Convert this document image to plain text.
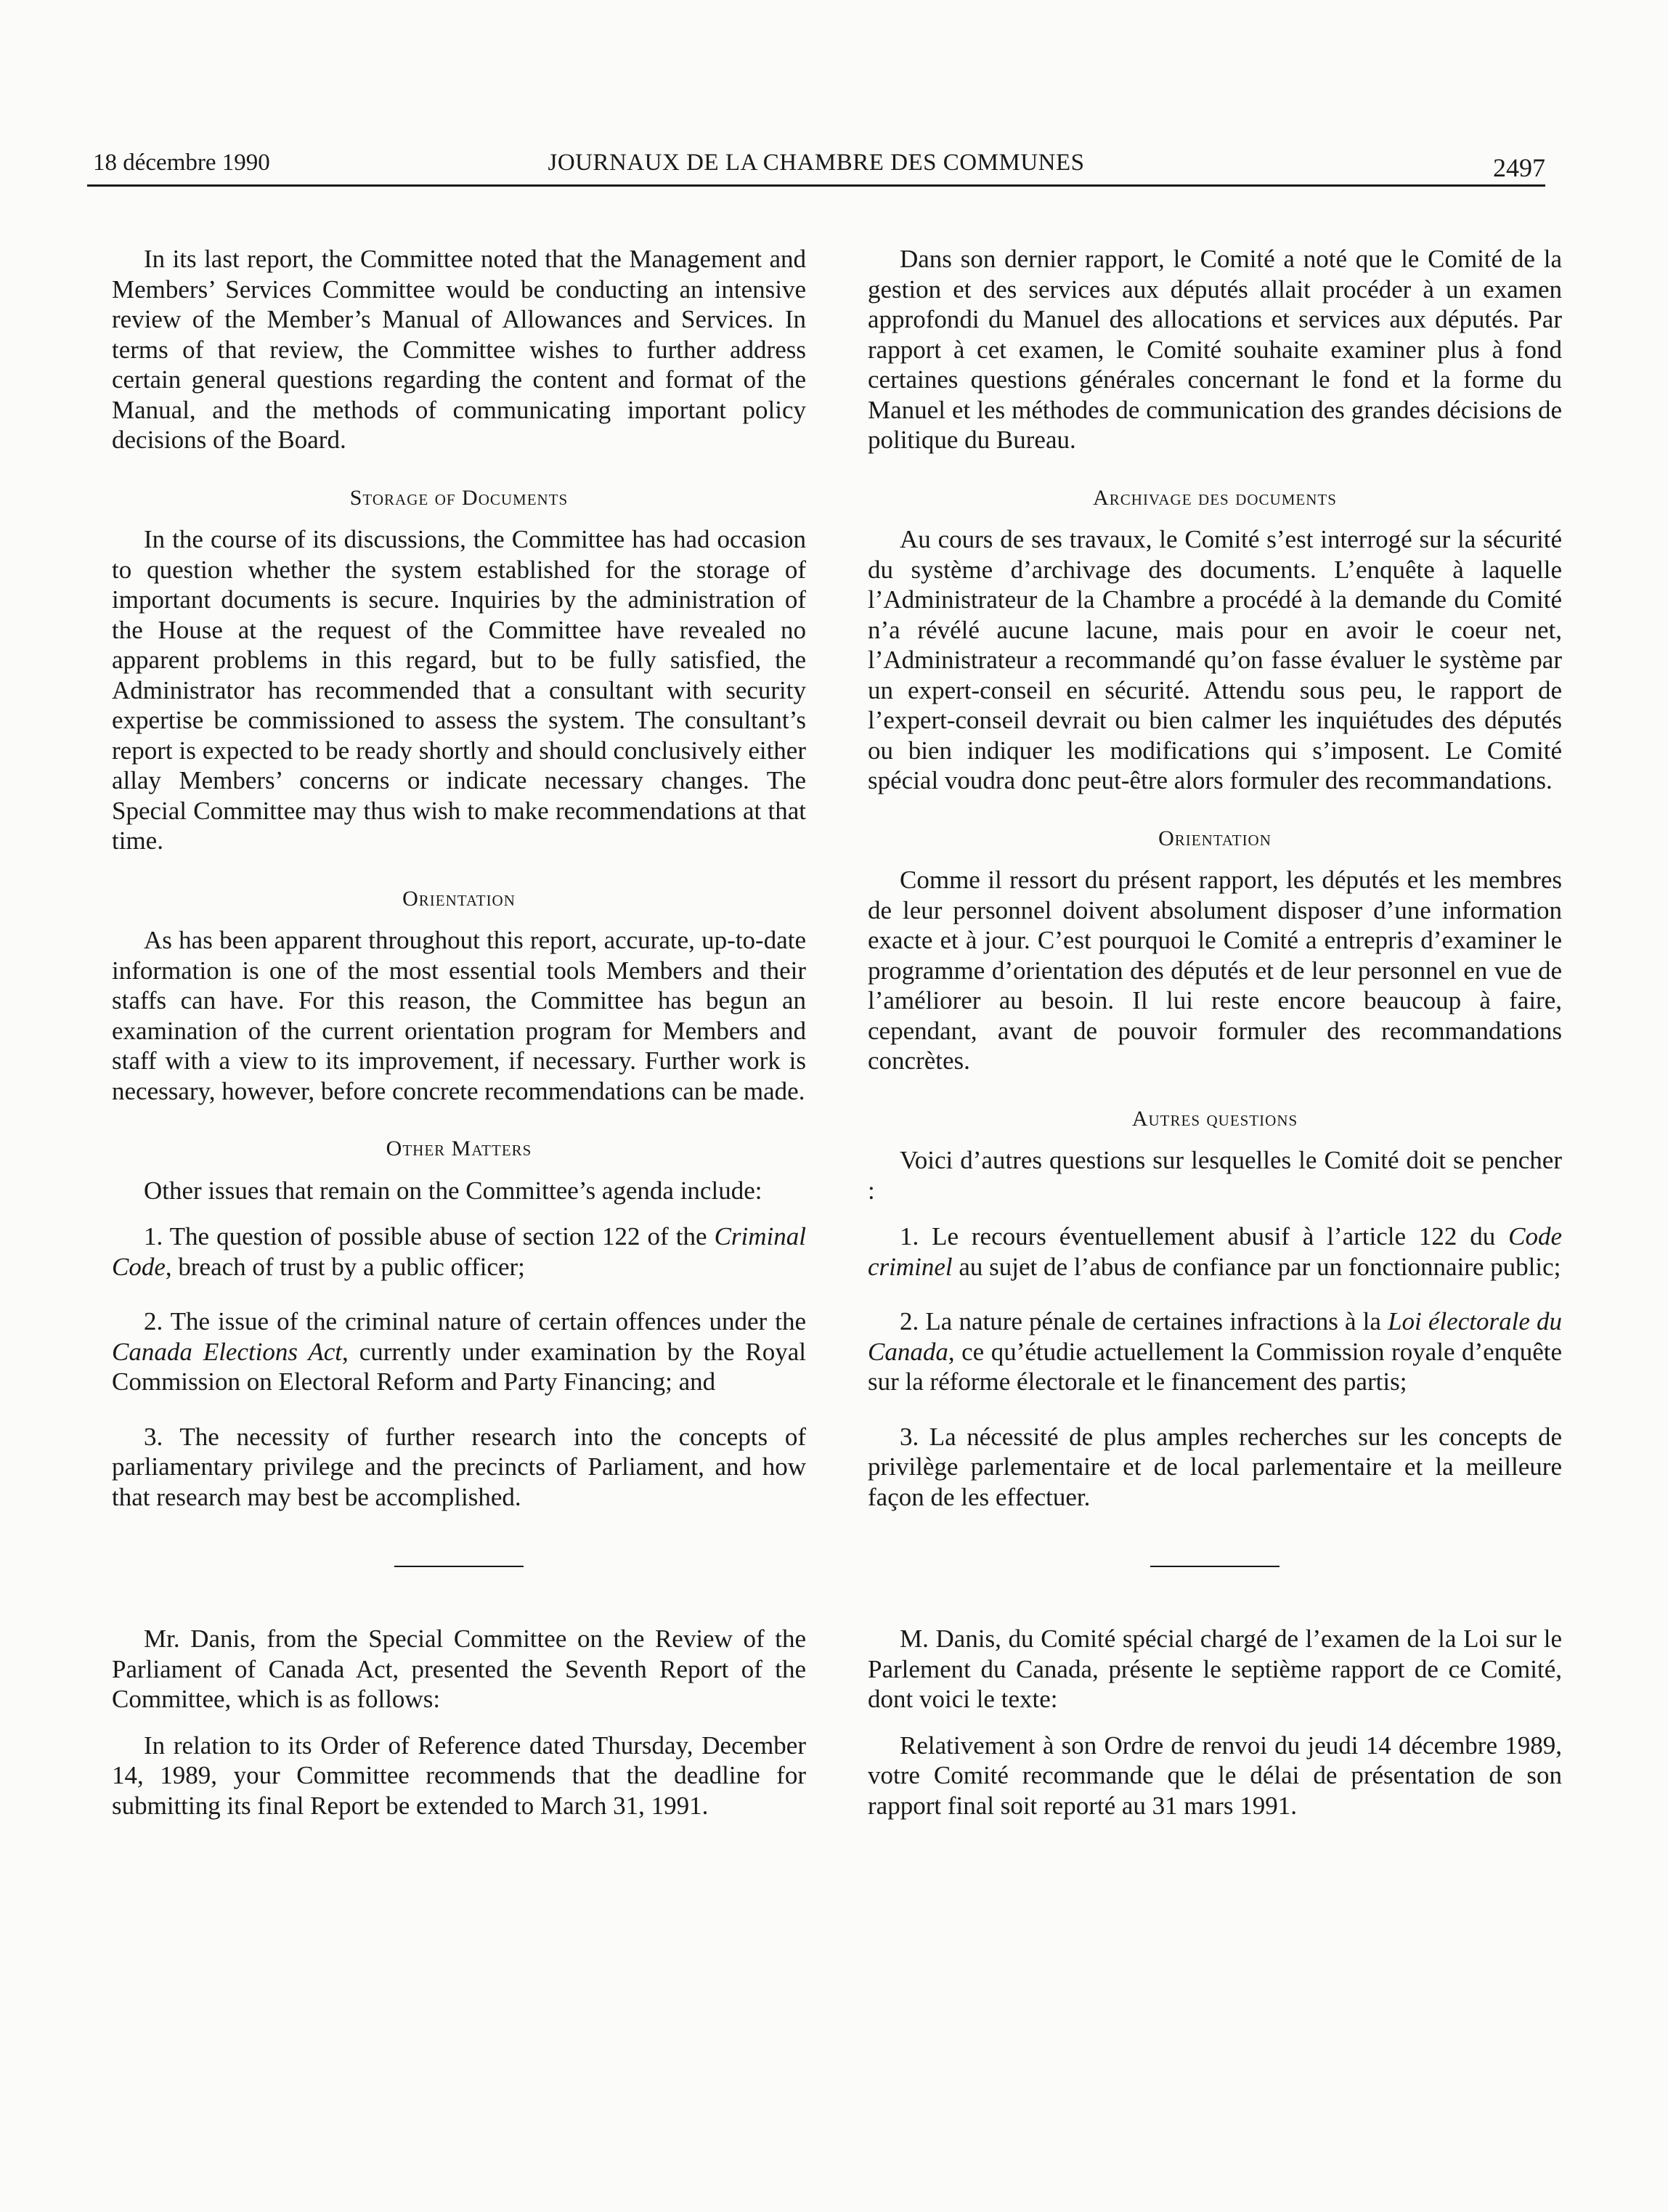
18 décembre 1990	JOURNAUX DE LA CHAMBRE DES COMMUNES	2497

In its last report, the Committee noted that the Management and Members’ Services Committee would be conducting an intensive review of the Member’s Manual of Allowances and Services. In terms of that review, the Committee wishes to further address certain general questions regarding the content and format of the Manual, and the methods of communicating important policy decisions of the Board.

Storage of Documents

In the course of its discussions, the Committee has had occasion to question whether the system established for the storage of important documents is secure. Inquiries by the administration of the House at the request of the Committee have revealed no apparent problems in this regard, but to be fully satisfied, the Administrator has recommended that a consultant with security expertise be commissioned to assess the system. The consultant’s report is expected to be ready shortly and should conclusively either allay Members’ concerns or indicate necessary changes. The Special Committee may thus wish to make recommendations at that time.

Orientation

As has been apparent throughout this report, accurate, up-to-date information is one of the most essential tools Members and their staffs can have. For this reason, the Committee has begun an examination of the current orientation program for Members and staff with a view to its improvement, if necessary. Further work is necessary, however, before concrete recommendations can be made.

Other Matters

Other issues that remain on the Committee’s agenda include:

1. The question of possible abuse of section 122 of the Criminal Code, breach of trust by a public officer;

2. The issue of the criminal nature of certain offences under the Canada Elections Act, currently under examination by the Royal Commission on Electoral Reform and Party Financing; and

3. The necessity of further research into the concepts of parliamentary privilege and the precincts of Parliament, and how that research may best be accomplished.

Mr. Danis, from the Special Committee on the Review of the Parliament of Canada Act, presented the Seventh Report of the Committee, which is as follows:

In relation to its Order of Reference dated Thursday, December 14, 1989, your Committee recommends that the deadline for submitting its final Report be extended to March 31, 1991.

Dans son dernier rapport, le Comité a noté que le Comité de la gestion et des services aux députés allait procéder à un examen approfondi du Manuel des allocations et services aux députés. Par rapport à cet examen, le Comité souhaite examiner plus à fond certaines questions générales concernant le fond et la forme du Manuel et les méthodes de communication des grandes décisions de politique du Bureau.

Archivage des documents

Au cours de ses travaux, le Comité s’est interrogé sur la sécurité du système d’archivage des documents. L’enquête à laquelle l’Administrateur de la Chambre a procédé à la demande du Comité n’a révélé aucune lacune, mais pour en avoir le coeur net, l’Administrateur a recommandé qu’on fasse évaluer le système par un expert-conseil en sécurité. Attendu sous peu, le rapport de l’expert-conseil devrait ou bien calmer les inquiétudes des députés ou bien indiquer les modifications qui s’imposent. Le Comité spécial voudra donc peut-être alors formuler des recommandations.

Orientation

Comme il ressort du présent rapport, les députés et les membres de leur personnel doivent absolument disposer d’une information exacte et à jour. C’est pourquoi le Comité a entrepris d’examiner le programme d’orientation des députés et de leur personnel en vue de l’améliorer au besoin. Il lui reste encore beaucoup à faire, cependant, avant de pouvoir formuler des recommandations concrètes.

Autres questions

Voici d’autres questions sur lesquelles le Comité doit se pencher :

1. Le recours éventuellement abusif à l’article 122 du Code criminel au sujet de l’abus de confiance par un fonctionnaire public;

2. La nature pénale de certaines infractions à la Loi électorale du Canada, ce qu’étudie actuellement la Commission royale d’enquête sur la réforme électorale et le financement des partis;

3. La nécessité de plus amples recherches sur les concepts de privilège parlementaire et de local parlementaire et la meilleure façon de les effectuer.

M. Danis, du Comité spécial chargé de l’examen de la Loi sur le Parlement du Canada, présente le septième rapport de ce Comité, dont voici le texte:

Relativement à son Ordre de renvoi du jeudi 14 décembre 1989, votre Comité recommande que le délai de présentation de son rapport final soit reporté au 31 mars 1991.
